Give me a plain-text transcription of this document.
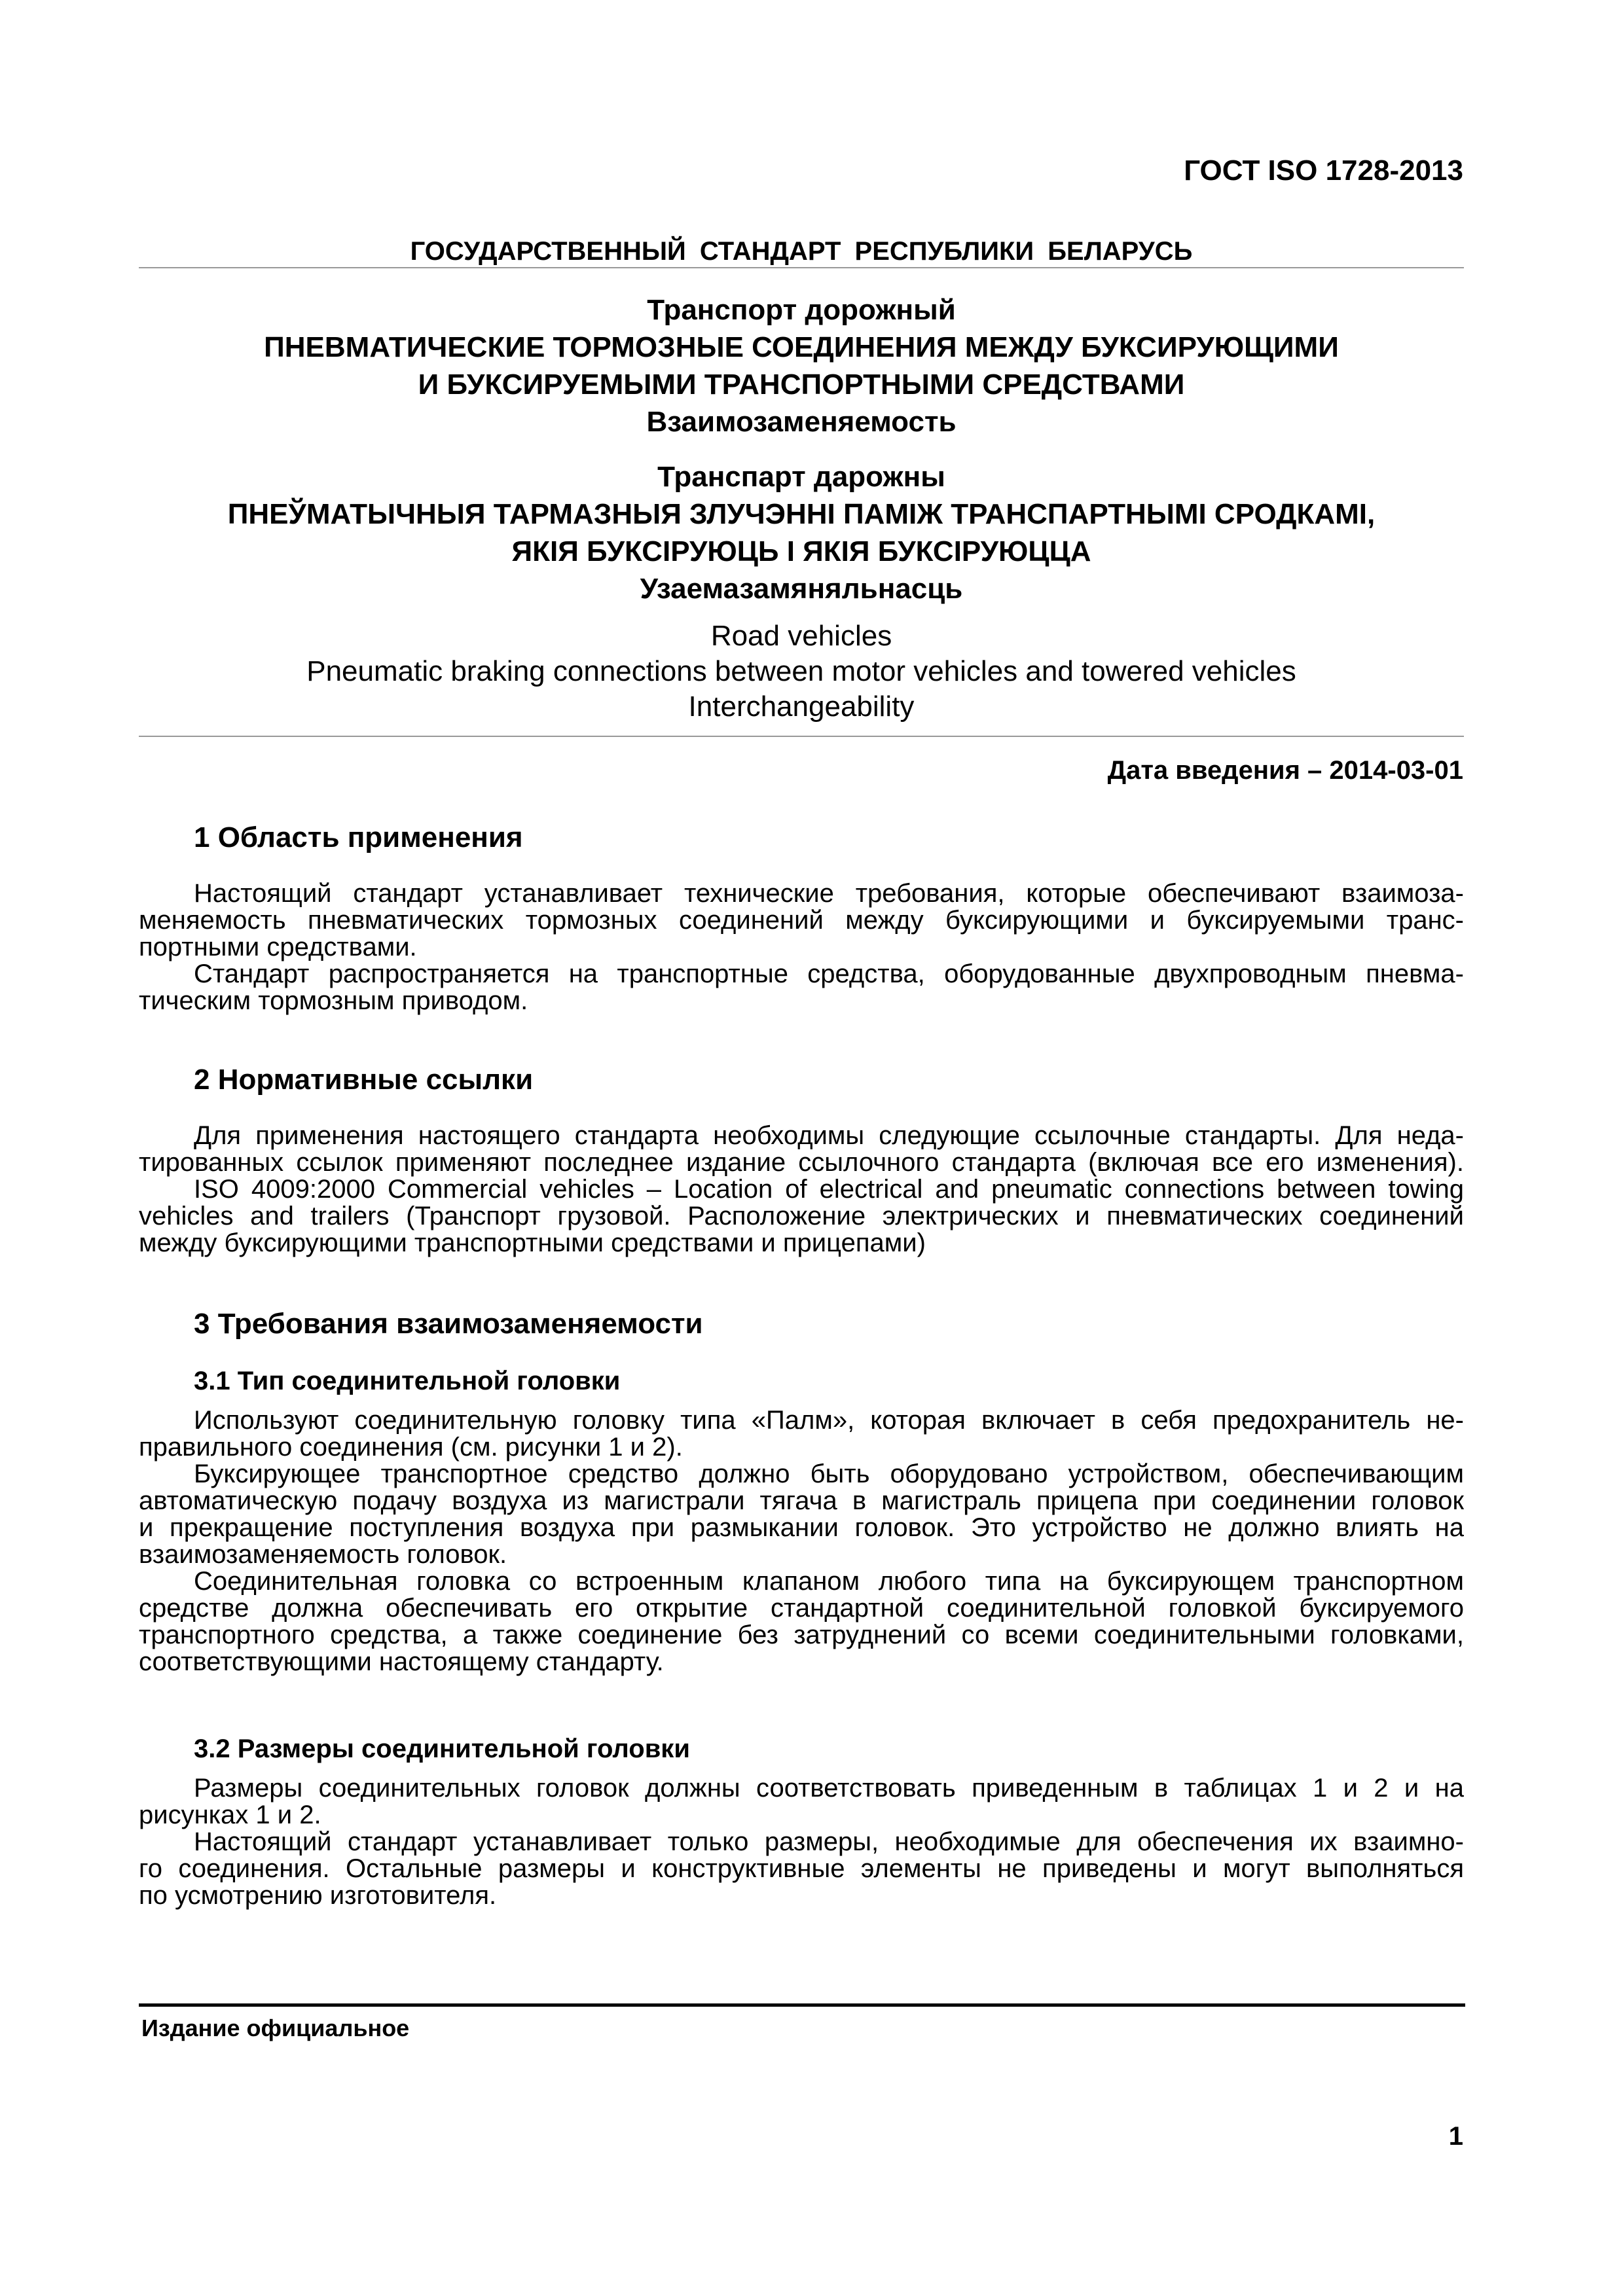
ГОСТ ISO 1728-2013

ГОСУДАРСТВЕННЫЙ СТАНДАРТ РЕСПУБЛИКИ БЕЛАРУСЬ
Транспорт дорожный
ПНЕВМАТИЧЕСКИЕ ТОРМОЗНЫЕ СОЕДИНЕНИЯ МЕЖДУ БУКСИРУЮЩИМИ
И БУКСИРУЕМЫМИ ТРАНСПОРТНЫМИ СРЕДСТВАМИ
Взаимозаменяемость
Транспарт дарожны
ПНЕЎМАТЫЧНЫЯ ТАРМАЗНЫЯ ЗЛУЧЭННІ ПАМІЖ ТРАНСПАРТНЫМІ СРОДКАМІ,
ЯКІЯ БУКСІРУЮЦЬ І ЯКІЯ БУКСІРУЮЦЦА
Узаемазамяняльнасць
Road vehicles
Pneumatic braking connections between motor vehicles and towered vehicles
Interchangeability

Дата введения – 2014-03-01

1 Область применения
Настоящий стандарт устанавливает технические требования, которые обеспечивают взаимоза-
меняемость пневматических тормозных соединений между буксирующими и буксируемыми транс-
портными средствами.
Стандарт распространяется на транспортные средства, оборудованные двухпроводным пневма-
тическим тормозным приводом.
2 Нормативные ссылки
Для применения настоящего стандарта необходимы следующие ссылочные стандарты. Для неда-
тированных ссылок применяют последнее издание ссылочного стандарта (включая все его изменения).
ISO 4009:2000 Commercial vehicles – Location of electrical and pneumatic connections between towing
vehicles and trailers (Транспорт грузовой. Расположение электрических и пневматических соединений
между буксирующими транспортными средствами и прицепами)
3 Требования взаимозаменяемости
3.1 Тип соединительной головки
Используют соединительную головку типа «Палм», которая включает в себя предохранитель не-
правильного соединения (см. рисунки 1 и 2).
Буксирующее транспортное средство должно быть оборудовано устройством, обеспечивающим
автоматическую подачу воздуха из магистрали тягача в магистраль прицепа при соединении головок
и прекращение поступления воздуха при размыкании головок. Это устройство не должно влиять на
взаимозаменяемость головок.
Соединительная головка со встроенным клапаном любого типа на буксирующем транспортном
средстве должна обеспечивать его открытие стандартной соединительной головкой буксируемого
транспортного средства, а также соединение без затруднений со всеми соединительными головками,
соответствующими настоящему стандарту.
3.2 Размеры соединительной головки
Размеры соединительных головок должны соответствовать приведенным в таблицах 1 и 2 и на
рисунках 1 и 2.
Настоящий стандарт устанавливает только размеры, необходимые для обеспечения их взаимно-
го соединения. Остальные размеры и конструктивные элементы не приведены и могут выполняться
по усмотрению изготовителя.

Издание официальное

1
